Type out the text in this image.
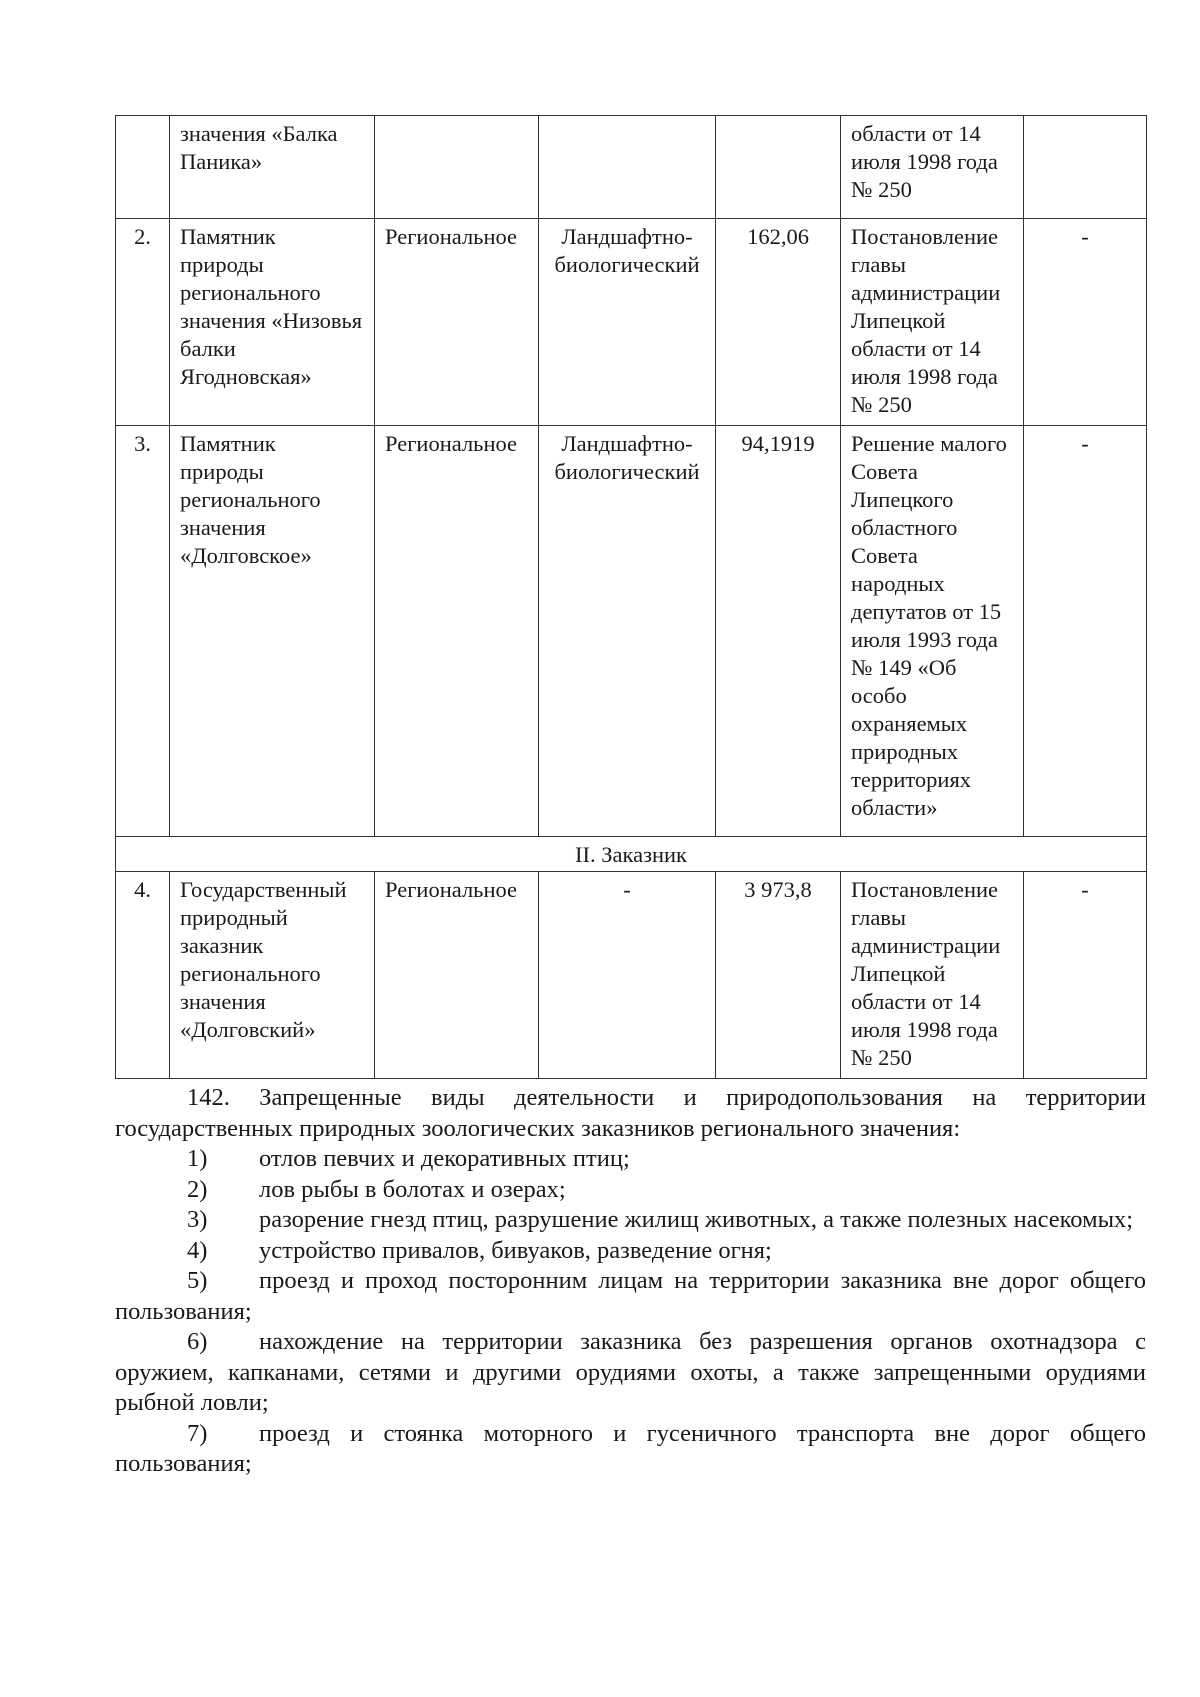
	значения «Балка Паника»				области от 14 июля 1998 года № 250	
2.	Памятник природы регионального значения «Низовья балки Ягодновская»	Региональное	Ландшафтно-биологический	162,06	Постановление главы администрации Липецкой области от 14 июля 1998 года № 250	-
3.	Памятник природы регионального значения «Долговское»	Региональное	Ландшафтно-биологический	94,1919	Решение малого Совета Липецкого областного Совета народных депутатов от 15 июля 1993 года № 149 «Об особо охраняемых природных территориях области»	-
II. Заказник						
4.	Государственный природный заказник регионального значения «Долговский»	Региональное	-	3 973,8	Постановление главы администрации Липецкой области от 14 июля 1998 года № 250	-
142. Запрещенные виды деятельности и природопользования на территории государственных природных зоологических заказников регионального значения:
1) отлов певчих и декоративных птиц;
2) лов рыбы в болотах и озерах;
3) разорение гнезд птиц, разрушение жилищ животных, а также полезных насекомых;
4) устройство привалов, бивуаков, разведение огня;
5) проезд и проход посторонним лицам на территории заказника вне дорог общего пользования;
6) нахождение на территории заказника без разрешения органов охотнадзора с оружием, капканами, сетями и другими орудиями охоты, а также запрещенными орудиями рыбной ловли;
7) проезд и стоянка моторного и гусеничного транспорта вне дорог общего пользования;
